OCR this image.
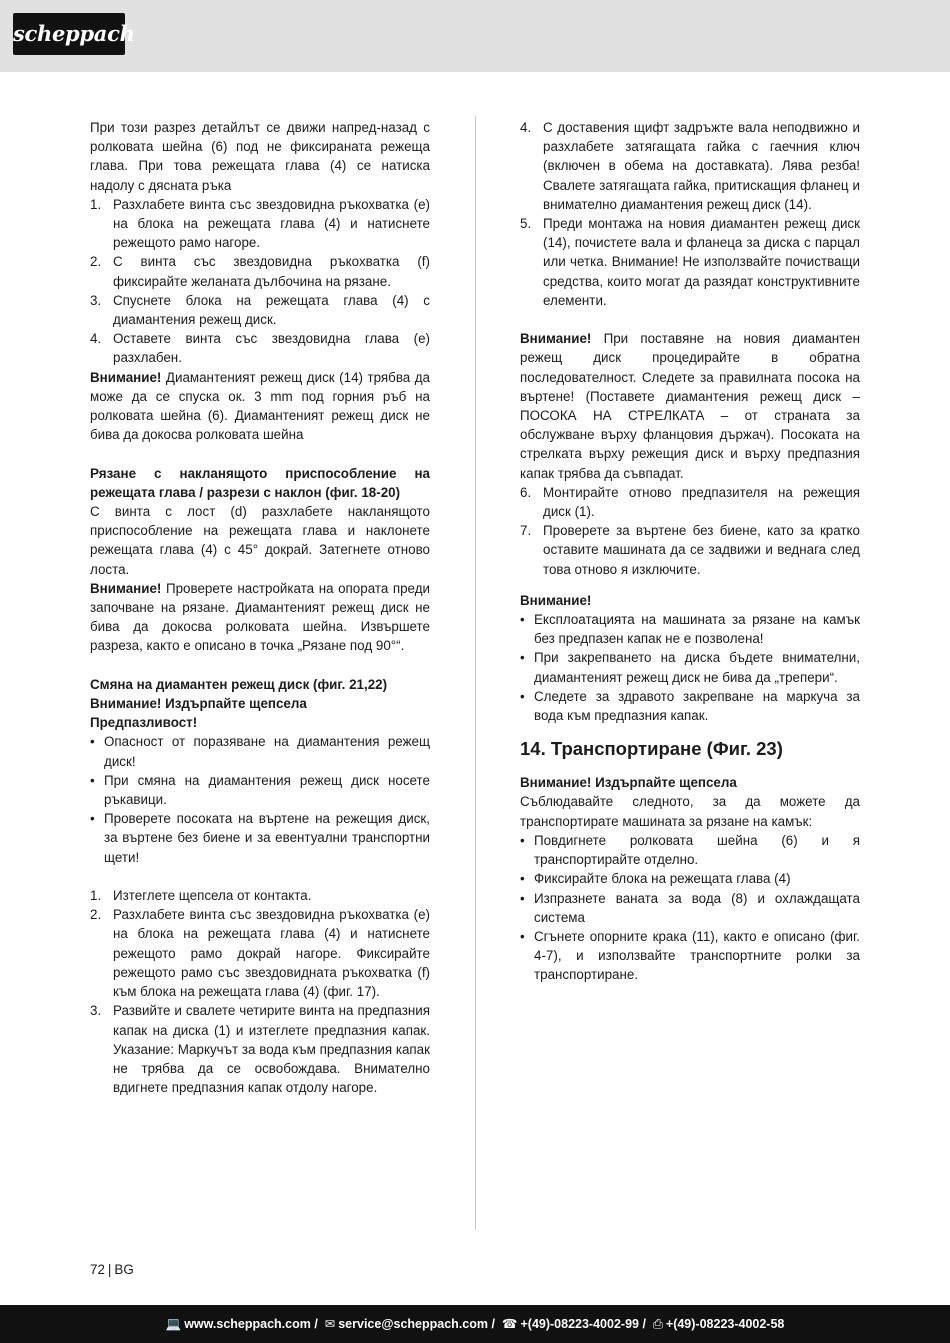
scheppach

При този разрез детайлът се движи напред-назад с ролковата шейна (6) под не фиксираната режеща глава. При това режещата глава (4) се натиска надолу с дясната ръка

1. Разхлабете винта със звездовидна ръкохватка (e) на блока на режещата глава (4) и натиснете режещото рамо нагоре.
2. С винта със звездовидна ръкохватка (f) фиксирайте желаната дълбочина на рязане.
3. Спуснете блока на режещата глава (4) с диамантения режещ диск.
4. Оставете винта със звездовидна глава (e) разхлабен.

Внимание! Диамантеният режещ диск (14) трябва да може да се спуска ок. 3 mm под горния ръб на ролковата шейна (6). Диамантеният режещ диск не бива да докосва ролковата шейна

Рязане с накланящото приспособление на режещата глава / разрези с наклон (фиг. 18-20)

С винта с лост (d) разхлабете накланящото приспособление на режещата глава и наклонете режещата глава (4) с 45° докрай. Затегнете отново лоста.

Внимание! Проверете настройката на опората преди започване на рязане. Диамантеният режещ диск не бива да докосва ролковата шейна. Извършете разреза, както е описано в точка „Рязане под 90°“.

Смяна на диамантен режещ диск (фиг. 21,22)

Внимание! Издърпайте щепсела

Предпазливост!

• Опасност от поразяване на диамантения режещ диск!
• При смяна на диамантения режещ диск носете ръкавици.
• Проверете посоката на въртене на режещия диск, за въртене без биене и за евентуални транспортни щети!
1. Изтеглете щепсела от контакта.
2. Разхлабете винта със звездовидна ръкохватка (e) на блока на режещата глава (4) и натиснете режещото рамо докрай нагоре. Фиксирайте режещото рамо със звездовидната ръкохватка (f) към блока на режещата глава (4) (фиг. 17).
3. Развийте и свалете четирите винта на предпазния капак на диска (1) и изтеглете предпазния капак. Указание: Маркучът за вода към предпазния капак не трябва да се освобождава. Внимателно вдигнете предпазния капак отдолу нагоре.
4. С доставения щифт задръжте вала неподвижно и разхлабете затягащата гайка с гаечния ключ (включен в обема на доставката). Лява резба! Свалете затягащата гайка, притискащия фланец и внимателно диамантения режещ диск (14).
5. Преди монтажа на новия диамантен режещ диск (14), почистете вала и фланеца за диска с парцал или четка. Внимание! Не използвайте почистващи средства, които могат да разядат конструктивните елементи.

Внимание! При поставяне на новия диамантен режещ диск процедирайте в обратна последователност. Следете за правилната посока на въртене! (Поставете диамантения режещ диск – ПОСОКА НА СТРЕЛКАТА – от страната за обслужване върху фланцовия държач). Посоката на стрелката върху режещия диск и върху предпазния капак трябва да съвпадат.

6. Монтирайте отново предпазителя на режещия диск (1).
7. Проверете за въртене без биене, като за кратко оставите машината да се задвижи и веднага след това отново я изключите.

Внимание!

• Експлоатацията на машината за рязане на камък без предпазен капак не е позволена!
• При закрепването на диска бъдете внимателни, диамантеният режещ диск не бива да „трепери“.
• Следете за здравото закрепване на маркуча за вода към предпазния капак.

14. Транспортиране (Фиг. 23)

Внимание! Издърпайте щепсела

Съблюдавайте следното, за да можете да транспортирате машината за рязане на камък:

• Повдигнете ролковата шейна (6) и я транспортирайте отделно.
• Фиксирайте блока на режещата глава (4)
• Изпразнете ваната за вода (8) и охлаждащата система
• Сгънете опорните крака (11), както е описано (фиг. 4-7), и използвайте транспортните ролки за транспортиране.
72 | BG
💻 www.scheppach.com /  ✉ service@scheppach.com /  ☎ +(49)-08223-4002-99 /  ⎙ +(49)-08223-4002-58
